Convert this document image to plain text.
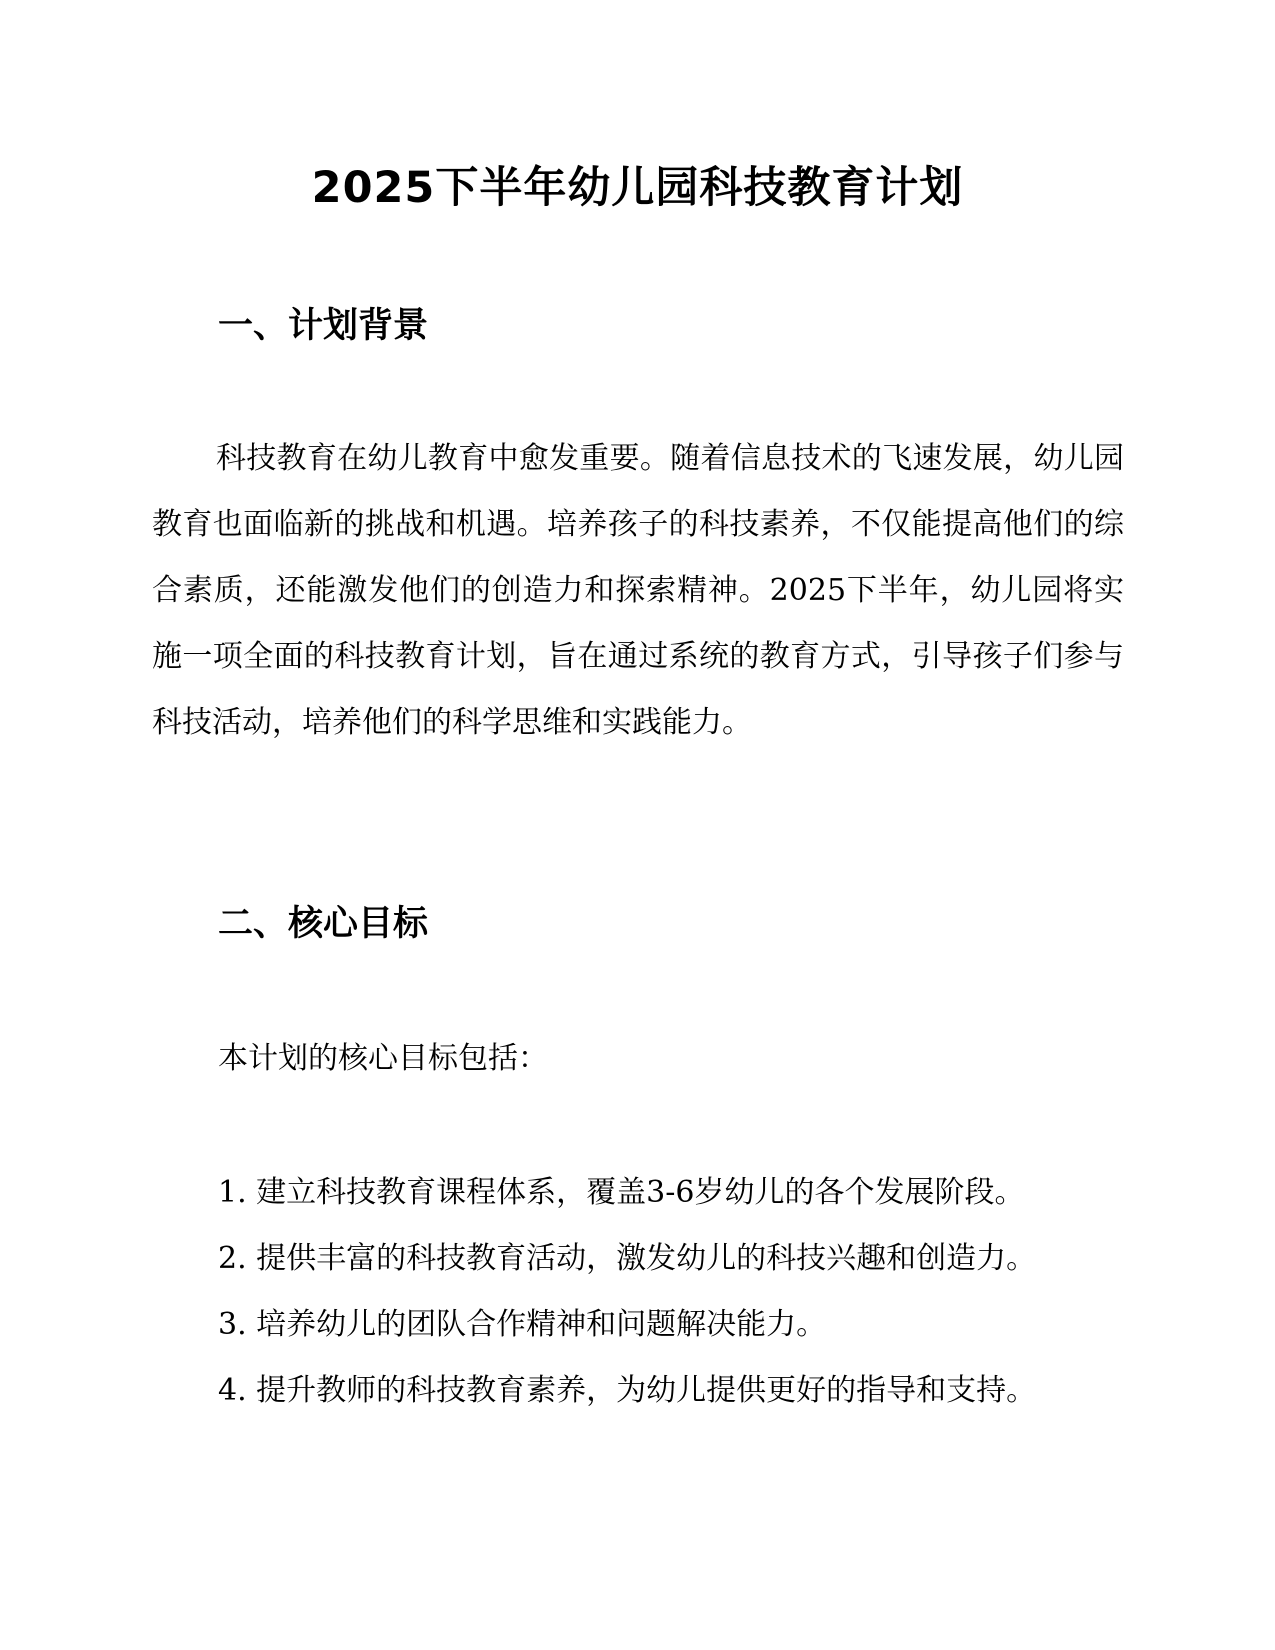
2025下半年幼儿园科技教育计划
一、计划背景

科技教育在幼儿教育中愈发重要。随着信息技术的飞速发展，幼儿园教育也面临新的挑战和机遇。培养孩子的科技素养，不仅能提高他们的综合素质，还能激发他们的创造力和探索精神。2025下半年，幼儿园将实施一项全面的科技教育计划，旨在通过系统的教育方式，引导孩子们参与科技活动，培养他们的科学思维和实践能力。

二、核心目标

本计划的核心目标包括：

1. 建立科技教育课程体系，覆盖3-6岁幼儿的各个发展阶段。
2. 提供丰富的科技教育活动，激发幼儿的科技兴趣和创造力。
3. 培养幼儿的团队合作精神和问题解决能力。
4. 提升教师的科技教育素养，为幼儿提供更好的指导和支持。
